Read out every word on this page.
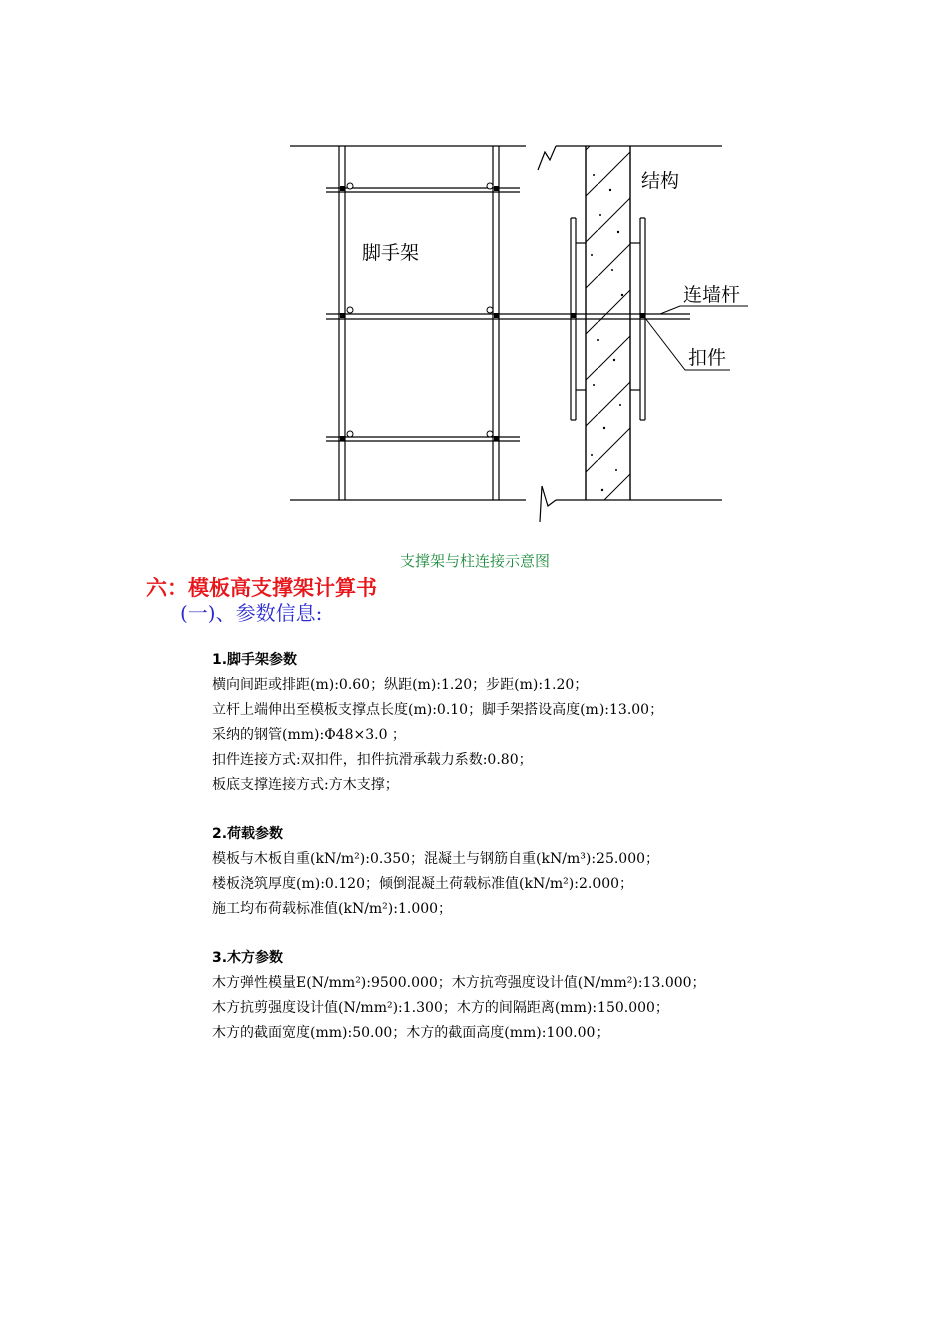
脚手架
结构
连墙杆
扣件
支撑架与柱连接示意图
六：模板高支撑架计算书
(一)、参数信息:
1.脚手架参数
横向间距或排距(m):0.60；纵距(m):1.20；步距(m):1.20；
立杆上端伸出至模板支撑点长度(m):0.10；脚手架搭设高度(m):13.00；
采纳的钢管(mm):Φ48×3.0 ；
扣件连接方式:双扣件，扣件抗滑承载力系数:0.80；
板底支撑连接方式:方木支撑；
2.荷载参数
模板与木板自重(kN/m²):0.350；混凝土与钢筋自重(kN/m³):25.000；
楼板浇筑厚度(m):0.120；倾倒混凝土荷载标准值(kN/m²):2.000；
施工均布荷载标准值(kN/m²):1.000；
3.木方参数
木方弹性模量E(N/mm²):9500.000；木方抗弯强度设计值(N/mm²):13.000；
木方抗剪强度设计值(N/mm²):1.300；木方的间隔距离(mm):150.000；
木方的截面宽度(mm):50.00；木方的截面高度(mm):100.00；
